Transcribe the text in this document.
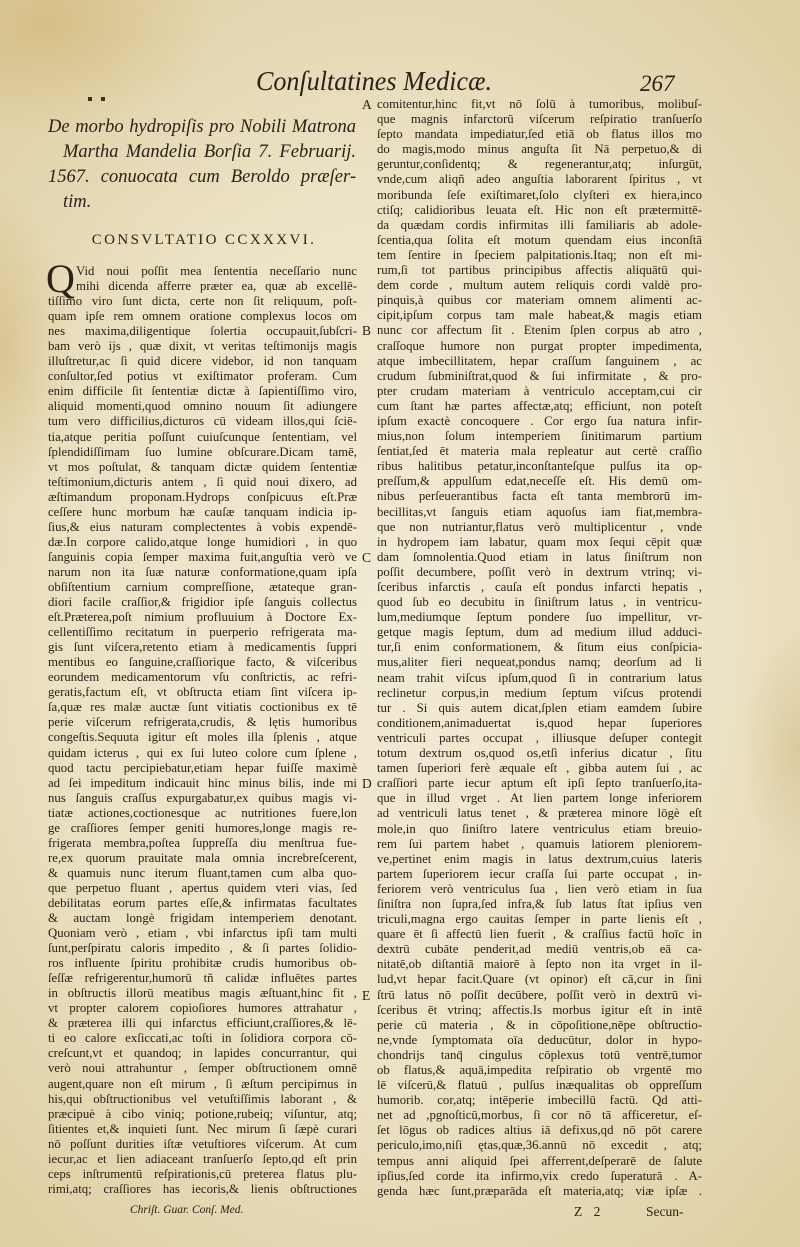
Conſultatines Medicæ.	267
De morbo hydropiſis pro Nobili Matrona
Martha Mandelia Borſia 7. Februarij.
1567. conuocata cum Beroldo præſer-
tim.
CONSVLTATIO CCXXXVI.
Q Vid noui poſſit mea ſententia neceſſario nunc
mihi dicenda afferre præter ea, quæ ab excellē-
tiſſimo viro ſunt dicta, certe non ſit reliquum, poſt-
quam ipſe rem omnem oratione complexus locos om
nes maxima,diligentique ſolertia occupauit,ſubſcri-
bam verò ijs , quæ dixit, vt veritas teſtimonijs magis
illuſtretur,ac ſi quid dicere videbor, id non tanquam
conſultor,ſed potius vt exiſtimator proferam. Cum
enim difficile ſit ſententiæ dictæ à ſapientiſſimo viro,
aliquid momenti,quod omnino nouum ſit adiungere
tum vero difficilius,dicturos cū videam illos,qui ſciē-
tia,atque peritia poſſunt cuiuſcunque ſententiam, vel
ſplendidiſſimam ſuo lumine obſcurare.Dicam tamē,
vt mos poſtulat, & tanquam dictæ quidem ſententiæ
teſtimonium,dicturis antem , ſi quid noui dixero, ad
æſtimandum proponam.Hydrops conſpicuus eſt.Præ
ceſſere hunc morbum hæ cauſæ tanquam indicia ip-
ſius,& eius naturam complectentes à vobis expendē-
dæ.In corpore calido,atque longe humidiori , in quo
ſanguinis copia ſemper maxima fuit,anguſtia verò ve
narum non ita ſuæ naturæ conformatione,quam ipſa
obſiſtentium carnium compreſſione, ætateque gran-
diori facile craſſior,& frigidior ipſe ſanguis collectus
eſt.Præterea,poſt nimium profluuium à Doctore Ex-
cellentiſſimo recitatum in puerperio refrigerata ma-
gis ſunt viſcera,retento etiam à medicamentis ſuppri
mentibus eo ſanguine,craſſiorique facto, & viſceribus
eorundem medicamentorum vſu conſtrictis, ac refri-
geratis,factum eſt, vt obſtructa etiam ſint viſcera ip-
ſa,quæ res malæ auctæ ſunt vitiatis coctionibus ex tē
perie viſcerum refrigerata,crudis, & lętis humoribus
congeſtis.Sequuta igitur eſt moles illa ſplenis , atque
quidam icterus , qui ex ſui luteo colore cum ſplene ,
quod tactu percipiebatur,etiam hepar fuiſſe maximè
ad ſei impeditum indicauit hinc minus bilis, inde mi
nus ſanguis craſſus expurgabatur,ex quibus magis vi-
tiatæ actiones,coctionesque ac nutritiones fuere,lon
ge craſſiores ſemper geniti humores,longe magis re-
frigerata membra,poſtea ſuppreſſa diu menſtrua fue-
re,ex quorum prauitate mala omnia increbreſcerent,
& quamuis nunc iterum fluant,tamen cum alba quo-
que perpetuo fluant , apertus quidem vteri vias, ſed
debilitatas eorum partes eſſe,& infirmatas facultates
& auctam longè frigidam intemperiem denotant.
Quoniam verò , etiam , vbi infarctus ipſi tam multi
ſunt,perſpiratu caloris impedito , & ſi partes ſolidio-
ros influente ſpiritu prohibitæ crudis humoribus ob-
ſeſſæ refrigerentur,humorū tñ calidæ influētes partes
in obſtructis illorū meatibus magis æſtuant,hinc fit ,
vt propter calorem copioſiores humores attrahatur ,
& præterea illi qui infarctus efficiunt,craſſiores,& lē-
ti eo calore exſiccati,ac toſti in ſolidiora corpora cō-
creſcunt,vt et quandoq; in lapides concurrantur, qui
verò noui attrahuntur , ſemper obſtructionem omnē
augent,quare non eſt mirum , ſi æſtum percipimus in
his,qui obſtructionibus vel vetuſtiſſimis laborant , &
præcipuè à cibo viniq; potione,rubeiq; viſuntur, atq;
ſitientes et,& inquieti ſunt. Nec mirum ſi ſæpè curari
nō poſſunt durities iſtæ vetuſtiores viſcerum. At cum
iecur,ac et lien adiaceant tranſuerſo ſepto,qd eſt prin
ceps inſtrumentū reſpirationis,cū preterea flatus plu-
rimi,atq; craſſiores has iecoris,& lienis obſtructiones
A comitentur,hinc fit,vt nō ſolū à tumoribus, molibuſ-
que magnis infarctorū viſcerum reſpiratio tranſuerſo
ſepto mandata impediatur,ſed etiā ob flatus illos mo
do magis,modo minus anguſta ſit Nā perpetuo,& di
geruntur,conſidentq; & regenerantur,atq; inſurgūt,
vnde,cum aliqñ adeo anguſtia laborarent ſpiritus , vt
moribunda ſeſe exiſtimaret,ſolo clyſteri ex hiera,inco
ctiſq; calidioribus leuata eſt. Hic non eſt prætermittē-
da quædam cordis infirmitas illi familiaris ab adole-
ſcentia,qua ſolita eſt motum quendam eius inconſtā
tem ſentire in ſpeciem palpitationis.Itaq; non eſt mi-
rum,ſi tot partibus principibus affectis aliquātū qui-
dem corde , multum autem reliquis cordi valdè pro-
pinquis,à quibus cor materiam omnem alimenti ac-
cipit,ipſum corpus tam male habeat,& magis etiam
B nunc cor affectum ſit . Etenim ſplen corpus ab atro ,
craſſoque humore non purgat propter impedimenta,
atque imbecillitatem, hepar craſſum ſanguinem , ac
crudum ſubminiſtrat,quod & ſui infirmitate , & pro-
pter crudam materiam à ventriculo acceptam,cui cir
cum ſtant hæ partes affectæ,atq; efficiunt, non poteſt
ipſum exactè concoquere . Cor ergo ſua natura infir-
mius,non ſolum intemperiem ſinitimarum partium
ſentiat,ſed ēt materia mala repleatur aut certè craſſio
ribus halitibus petatur,inconſtanteſque pulſus ita op-
preſſum,& appulſum edat,neceſſe eſt. His demū om-
nibus perſeuerantibus facta eſt tanta membrorū im-
becillitas,vt ſanguis etiam aquoſus iam fiat,membra-
que non nutriantur,flatus verò multiplicentur , vnde
in hydropem iam labatur, quam mox ſequi cēpit quæ
C dam ſomnolentia.Quod etiam in latus ſiniſtrum non
poſſit decumbere, poſſit verò in dextrum vtrinq; vi-
ſceribus infarctis , cauſa eſt pondus infarcti hepatis ,
quod ſub eo decubitu in ſiniſtrum latus , in ventricu-
lum,mediumque ſeptum pondere ſuo impellitur, vr-
getque magis ſeptum, dum ad medium illud adduci-
tur,ſi enim conformationem, & ſitum eius conſpicia-
mus,aliter fieri nequeat,pondus namq; deorſum ad li
neam trahit viſcus ipſum,quod ſi in contrarium latus
reclinetur corpus,in medium ſeptum viſcus protendi
tur . Si quis autem dicat,ſplen etiam eamdem ſubire
conditionem,animaduertat is,quod hepar ſuperiores
ventriculi partes occupat , illiusque deſuper contegit
totum dextrum os,quod os,etſi inferius dicatur , ſitu
tamen ſuperiori ferè æquale eſt , gibba autem ſui , ac
D craſſiori parte iecur aptum eſt ipſi ſepto tranſuerſo,ita-
que in illud vrget . At lien partem longe inferiorem
ad ventriculi latus tenet , & præterea minore lōgè eſt
mole,in quo ſiniſtro latere ventriculus etiam breuio-
rem ſui partem habet , quamuis latiorem pleniorem-
ve,pertinet enim magis in latus dextrum,cuius lateris
partem ſuperiorem iecur craſſa ſui parte occupat , in-
feriorem verò ventriculus ſua , lien verò etiam in ſua
ſiniſtra non ſupra,ſed infra,& ſub latus ſtat ipſius ven
triculi,magna ergo cauitas ſemper in parte lienis eſt ,
quare ēt ſi affectū lien fuerit , & craſſius factū hoīc in
dextrū cubāte penderit,ad mediū ventris,ob eā ca-
nitatē,ob diſtantiā maiorē à ſepto non ita vrget in il-
lud,vt hepar facit.Quare (vt opinor) eſt cā,cur in ſini
E ſtrū latus nō poſſit decūbere, poſſit verò in dextrū vi-
ſceribus ēt vtrinq; affectis.Is morbus igitur eſt in intē
perie cū materia , & in cōpoſitione,nēpe obſtructio-
ne,vnde ſymptomata oīa deducūtur, dolor in hypo-
chondrijs tanq̄ cingulus cōplexus totū ventrē,tumor
ob flatus,& aquā,impedita reſpiratio ob vrgentē mo
lē viſcerū,& flatuū , pulſus inæqualitas ob oppreſſum
humorib. cor,atq; intēperie imbecillū factū. Qd atti-
net ad ,pgnoſticū,morbus, ſi cor nō tā afficeretur, eſ-
ſet lōgus ob radices altius iā defixus,qd nō pōt carere
periculo,imo,niſi ętas,quæ,36.annū nō excedit , atq;
tempus anni aliquid ſpei afferrent,deſperarē de ſalute
ipſius,ſed corde ita infirmo,vix credo ſuperaturā . A-
genda hæc ſunt,præparāda eſt materia,atq; viæ ipſæ .
Chriſt. Guar. Conſ. Med.	Z 2	Secun-
